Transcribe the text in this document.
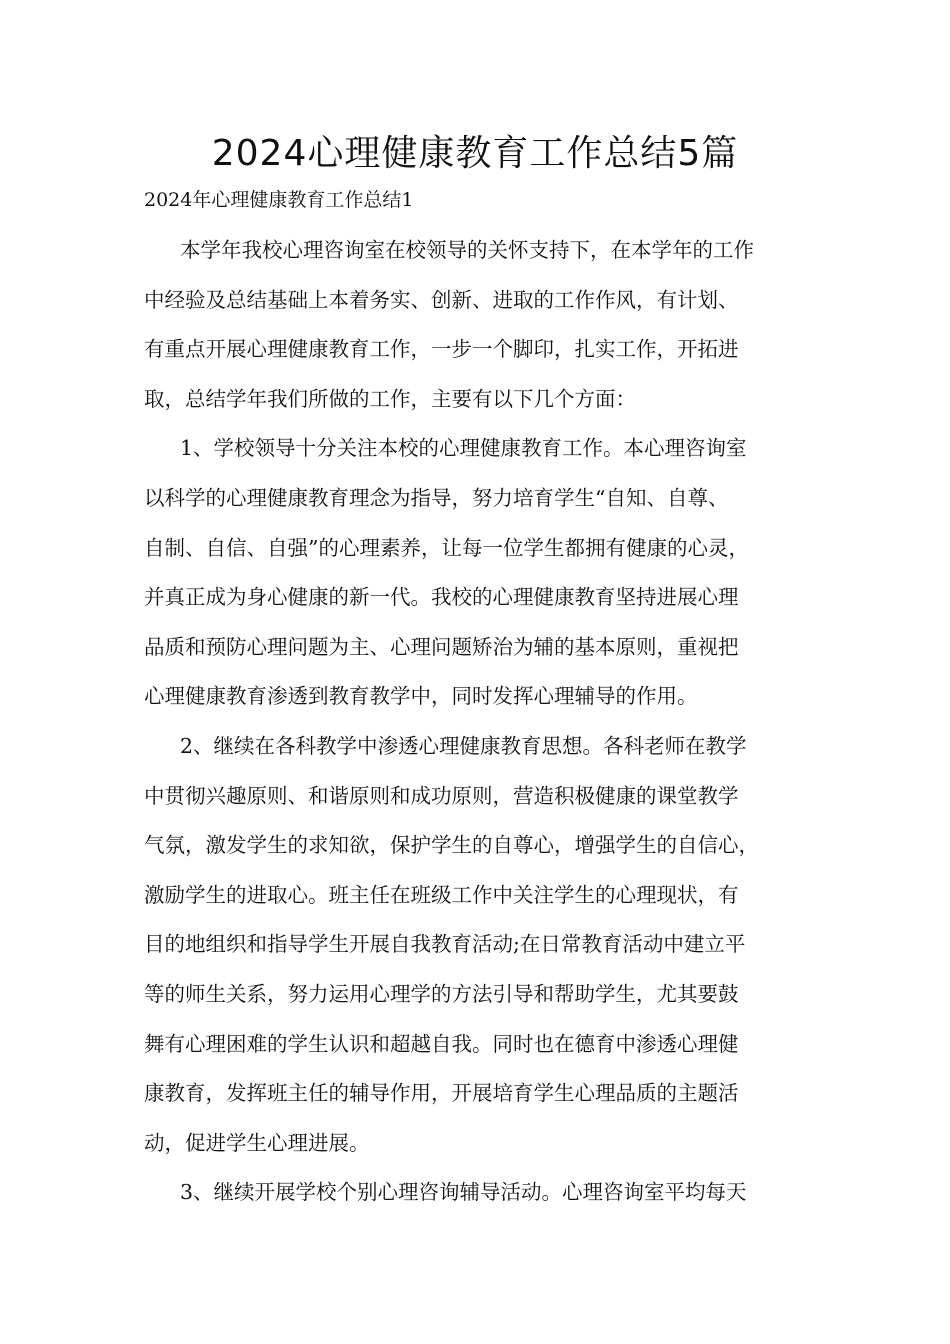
2024心理健康教育工作总结5篇
2024年心理健康教育工作总结1
本学年我校心理咨询室在校领导的关怀支持下，在本学年的工作
中经验及总结基础上本着务实、创新、进取的工作作风，有计划、
有重点开展心理健康教育工作，一步一个脚印，扎实工作，开拓进
取，总结学年我们所做的工作，主要有以下几个方面：
1、学校领导十分关注本校的心理健康教育工作。本心理咨询室
以科学的心理健康教育理念为指导，努力培育学生“自知、自尊、
自制、自信、自强”的心理素养，让每一位学生都拥有健康的心灵，
并真正成为身心健康的新一代。我校的心理健康教育坚持进展心理
品质和预防心理问题为主、心理问题矫治为辅的基本原则，重视把
心理健康教育渗透到教育教学中，同时发挥心理辅导的作用。
2、继续在各科教学中渗透心理健康教育思想。各科老师在教学
中贯彻兴趣原则、和谐原则和成功原则，营造积极健康的课堂教学
气氛，激发学生的求知欲，保护学生的自尊心，增强学生的自信心，
激励学生的进取心。班主任在班级工作中关注学生的心理现状，有
目的地组织和指导学生开展自我教育活动;在日常教育活动中建立平
等的师生关系，努力运用心理学的方法引导和帮助学生，尤其要鼓
舞有心理困难的学生认识和超越自我。同时也在德育中渗透心理健
康教育，发挥班主任的辅导作用，开展培育学生心理品质的主题活
动，促进学生心理进展。
3、继续开展学校个别心理咨询辅导活动。心理咨询室平均每天
